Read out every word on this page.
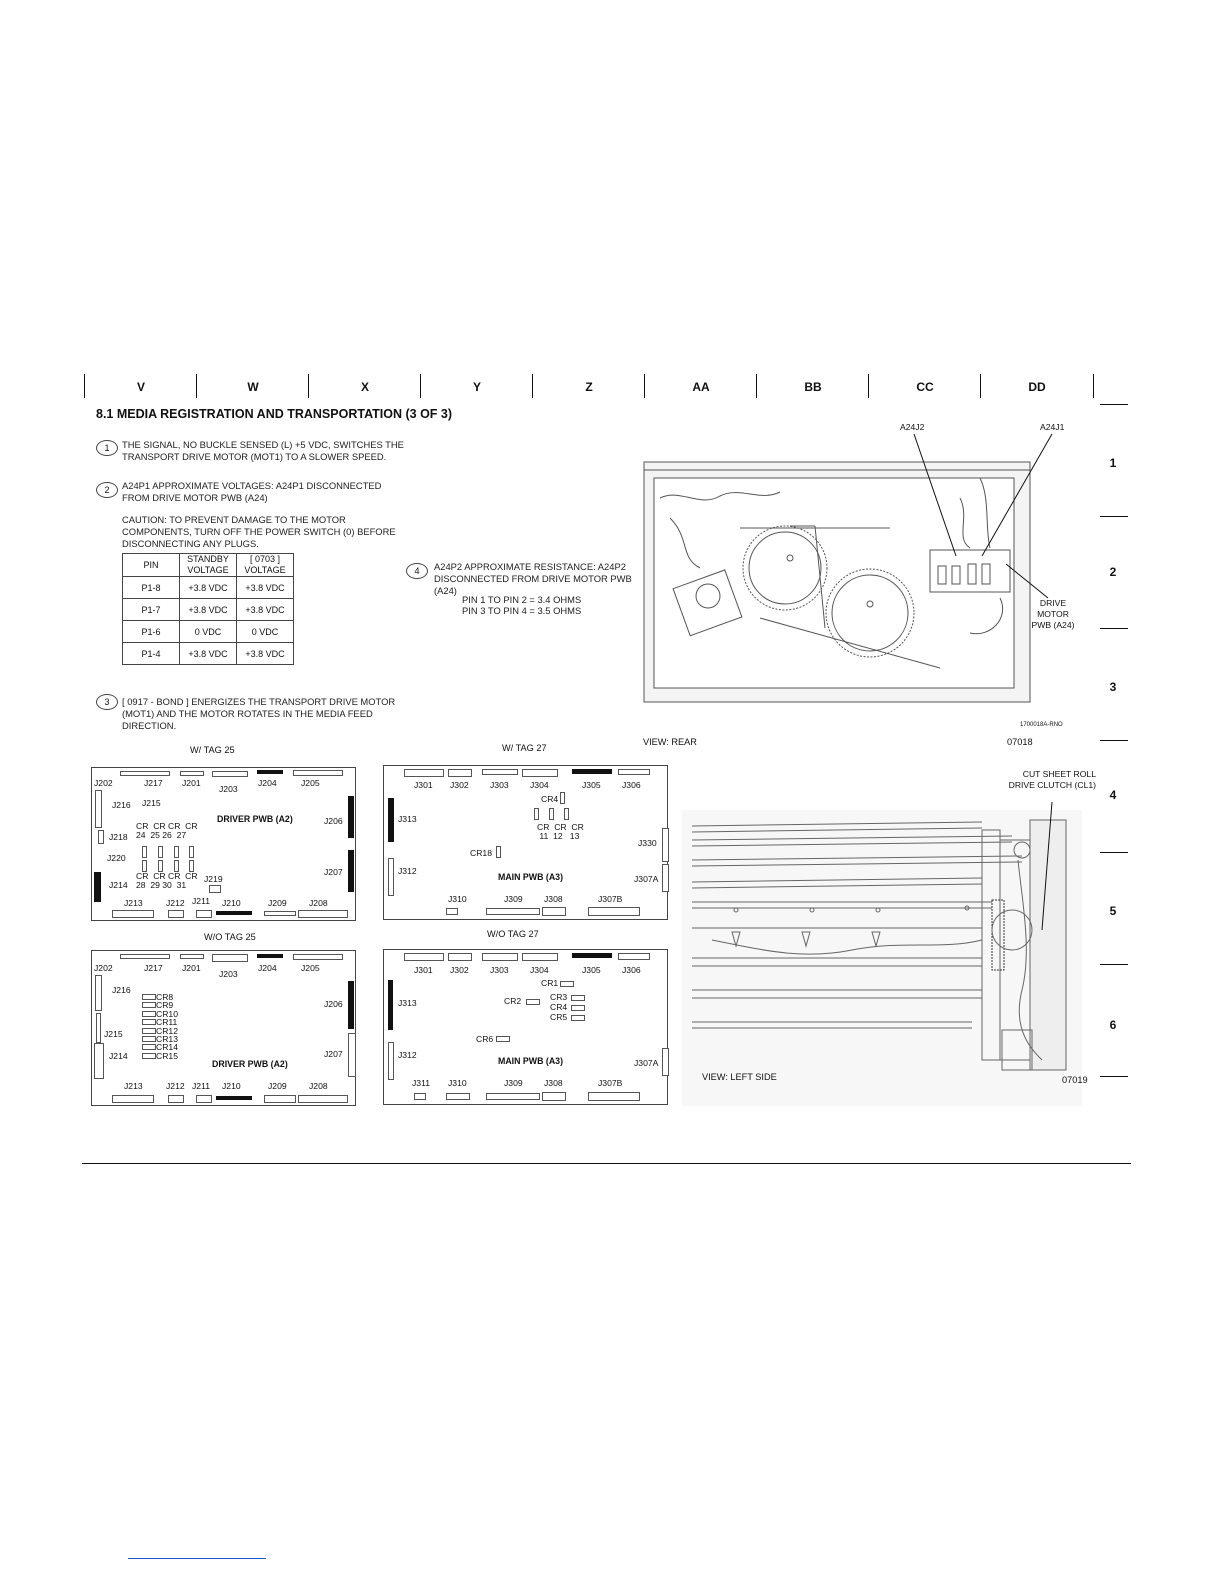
V	W	X	Y	Z	AA	BB	CC	DD
1
2
3
4
5
6
8.1 MEDIA REGISTRATION AND TRANSPORTATION (3 OF 3)
1	THE SIGNAL, NO BUCKLE SENSED (L) +5 VDC, SWITCHES THE TRANSPORT DRIVE MOTOR (MOT1) TO A SLOWER SPEED.
2	A24P1 APPROXIMATE VOLTAGES: A24P1 DISCONNECTED FROM DRIVE MOTOR PWB (A24)
CAUTION: TO PREVENT DAMAGE TO THE MOTOR COMPONENTS, TURN OFF THE POWER SWITCH (0) BEFORE DISCONNECTING ANY PLUGS.
PIN	STANDBY VOLTAGE	[ 0703 ] VOLTAGE
P1-8	+3.8 VDC	+3.8 VDC
P1-7	+3.8 VDC	+3.8 VDC
P1-6	0 VDC	0 VDC
P1-4	+3.8 VDC	+3.8 VDC
3	[ 0917 - BOND ] ENERGIZES THE TRANSPORT DRIVE MOTOR (MOT1) AND THE MOTOR ROTATES IN THE MEDIA FEED DIRECTION.
4	A24P2 APPROXIMATE RESISTANCE: A24P2 DISCONNECTED FROM DRIVE MOTOR PWB (A24)
PIN 1 TO PIN 2 = 3.4 OHMS
PIN 3 TO PIN 4 = 3.5 OHMS
A24J2	A24J1
DRIVE MOTOR PWB (A24)
1700018A-RNO
VIEW: REAR	07018
W/ TAG 25	W/ TAG 27
W/O TAG 25	W/O TAG 27
J202	J217 J201
J203
J204	J205
J216 J215
DRIVER PWB (A2)	J206
CR  CR CR  CR
24  25 26  27
J218
J220
J207
CR  CR CR  CR
28  29 30  31
J219
J214
J213	J212 J211 J210	J209	J208
J301 J302 J303 J304	J305 J306
CR4
J313
CR  CR  CR
11  12   13
J330
CR18
J312
MAIN PWB (A3)	J307A
J310	J309 J308	J307B
J202	J217 J201
J203
J204	J205
J216
J206
CR8
CR9
CR10
CR11
CR12
CR13
CR14
CR15
J215
J214
DRIVER PWB (A2)
J207
J213	J212 J211 J210	J209	J208
J301 J302 J303 J304	J305 J306
CR1
J313	CR2	CR3
CR4
CR5
CR6
J312
MAIN PWB (A3)	J307A
J311 J310	J309 J308	J307B
CUT SHEET ROLL DRIVE CLUTCH (CL1)
VIEW: LEFT SIDE	07019
